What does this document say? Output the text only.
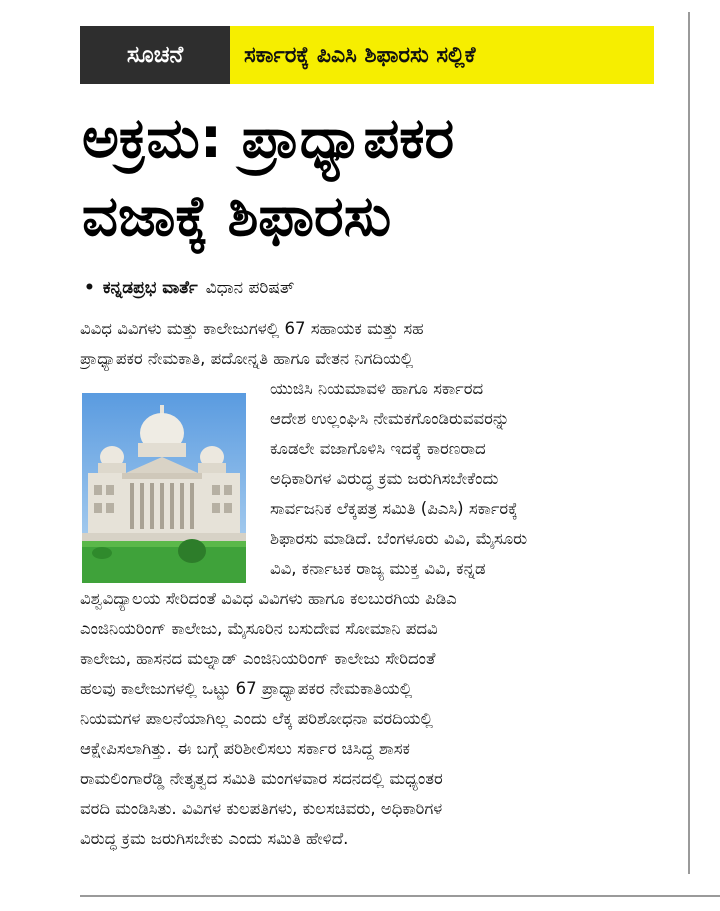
ಸೂಚನೆ	ಸರ್ಕಾರಕ್ಕೆ ಪಿಎಸಿ ಶಿಫಾರಸು ಸಲ್ಲಿಕೆ
ಅಕ್ರಮ: ಪ್ರಾಧ್ಯಾಪಕರ
ವಜಾಕ್ಕೆ ಶಿಫಾರಸು
• ಕನ್ನಡಪ್ರಭ ವಾರ್ತೆ ವಿಧಾನ ಪರಿಷತ್
ವಿವಿಧ ವಿವಿಗಳು ಮತ್ತು ಕಾಲೇಜುಗಳಲ್ಲಿ 67 ಸಹಾಯಕ ಮತ್ತು ಸಹ
ಪ್ರಾಧ್ಯಾಪಕರ ನೇಮಕಾತಿ, ಪದೋನ್ನತಿ ಹಾಗೂ ವೇತನ ನಿಗದಿಯಲ್ಲಿ
ಯುಜಿಸಿ ನಿಯಮಾವಳಿ ಹಾಗೂ ಸರ್ಕಾರದ
ಆದೇಶ ಉಲ್ಲಂಘಿಸಿ ನೇಮಕಗೊಂಡಿರುವವರನ್ನು
ಕೂಡಲೇ ವಜಾಗೊಳಿಸಿ ಇದಕ್ಕೆ ಕಾರಣರಾದ
ಅಧಿಕಾರಿಗಳ ವಿರುದ್ಧ ಕ್ರಮ ಜರುಗಿಸಬೇಕೆಂದು
ಸಾರ್ವಜನಿಕ ಲೆಕ್ಕಪತ್ರ ಸಮಿತಿ (ಪಿಎಸಿ) ಸರ್ಕಾರಕ್ಕೆ
ಶಿಫಾರಸು ಮಾಡಿದೆ. ಬೆಂಗಳೂರು ವಿವಿ, ಮೈಸೂರು
ವಿವಿ, ಕರ್ನಾಟಕ ರಾಜ್ಯ ಮುಕ್ತ ವಿವಿ, ಕನ್ನಡ
ವಿಶ್ವವಿದ್ಯಾಲಯ ಸೇರಿದಂತೆ ವಿವಿಧ ವಿವಿಗಳು ಹಾಗೂ ಕಲಬುರಗಿಯ ಪಿಡಿಎ
ಎಂಜಿನಿಯರಿಂಗ್ ಕಾಲೇಜು, ಮೈಸೂರಿನ ಬಸುದೇವ ಸೋಮಾನಿ ಪದವಿ
ಕಾಲೇಜು, ಹಾಸನದ ಮಲ್ನಾಡ್ ಎಂಜಿನಿಯರಿಂಗ್ ಕಾಲೇಜು ಸೇರಿದಂತೆ
ಹಲವು ಕಾಲೇಜುಗಳಲ್ಲಿ ಒಟ್ಟು 67 ಪ್ರಾಧ್ಯಾಪಕರ ನೇಮಕಾತಿಯಲ್ಲಿ
ನಿಯಮಗಳ ಪಾಲನೆಯಾಗಿಲ್ಲ ಎಂದು ಲೆಕ್ಕ ಪರಿಶೋಧನಾ ವರದಿಯಲ್ಲಿ
ಆಕ್ಷೇಪಿಸಲಾಗಿತ್ತು. ಈ ಬಗ್ಗೆ ಪರಿಶೀಲಿಸಲು ಸರ್ಕಾರ ಚಿಸಿದ್ದ ಶಾಸಕ
ರಾಮಲಿಂಗಾರೆಡ್ಡಿ ನೇತೃತ್ವದ ಸಮಿತಿ ಮಂಗಳವಾರ ಸದನದಲ್ಲಿ ಮಧ್ಯಂತರ
ವರದಿ ಮಂಡಿಸಿತು. ವಿವಿಗಳ ಕುಲಪತಿಗಳು, ಕುಲಸಚಿವರು, ಅಧಿಕಾರಿಗಳ
ವಿರುದ್ಧ ಕ್ರಮ ಜರುಗಿಸಬೇಕು ಎಂದು ಸಮಿತಿ ಹೇಳಿದೆ.
